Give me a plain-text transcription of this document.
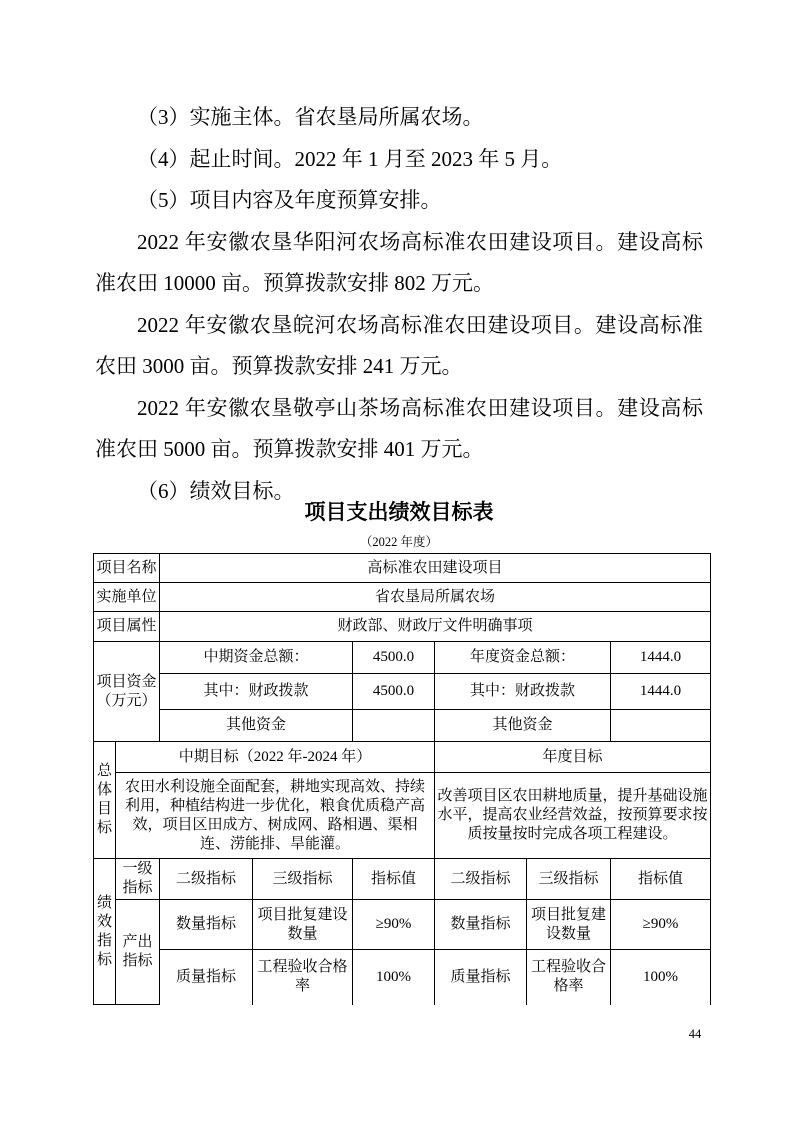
（3）实施主体。省农垦局所属农场。
（4）起止时间。2022 年 1 月至 2023 年 5 月。
（5）项目内容及年度预算安排。
2022 年安徽农垦华阳河农场高标准农田建设项目。建设高标
准农田 10000 亩。预算拨款安排 802 万元。
2022 年安徽农垦皖河农场高标准农田建设项目。建设高标准
农田 3000 亩。预算拨款安排 241 万元。
2022 年安徽农垦敬亭山茶场高标准农田建设项目。建设高标
准农田 5000 亩。预算拨款安排 401 万元。
（6）绩效目标。
项目支出绩效目标表
（2022 年度）
项目名称		高标准农田建设项目					
实施单位		省农垦局所属农场					
项目属性		财政部、财政厅文件明确事项					
项目资金（万元）		中期资金总额：		4500.0	年度资金总额：		1444.0
		其中：财政拨款		4500.0	其中：财政拨款		1444.0
		其他资金			其他资金		
总体目标	中期目标（2022 年-2024 年）				年度目标		
	农田水利设施全面配套，耕地实现高效、持续利用，种植结构进一步优化，粮食优质稳产高效，项目区田成方、树成网、路相遇、渠相连、涝能排、旱能灌。				改善项目区农田耕地质量，提升基础设施水平，提高农业经营效益，按预算要求按质按量按时完成各项工程建设。		
绩效指标	一级指标	二级指标	三级指标	指标值	二级指标	三级指标	指标值
	产出指标	数量指标	项目批复建设数量	≥90%	数量指标	项目批复建设数量	≥90%
		质量指标	工程验收合格率	100%	质量指标	工程验收合格率	100%
44
